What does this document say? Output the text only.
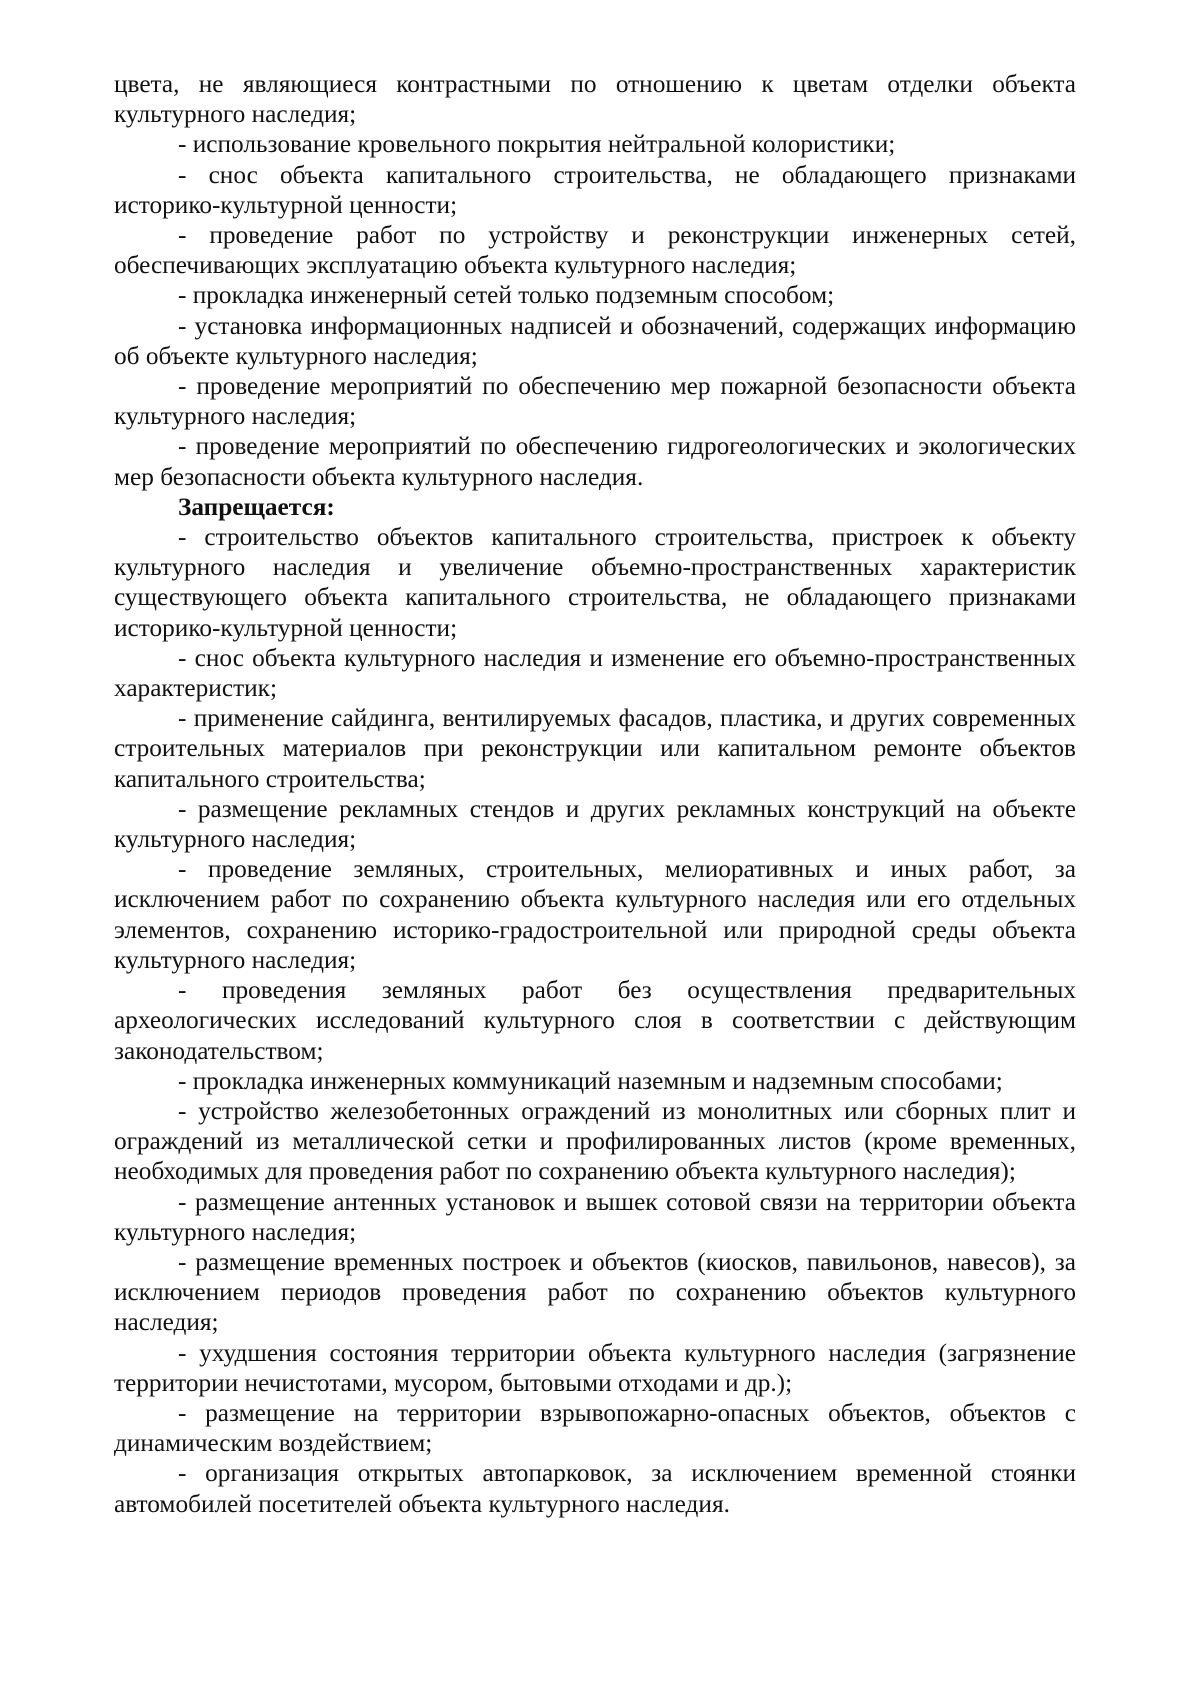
цвета, не являющиеся контрастными по отношению к цветам отделки объекта культурного наследия;

- использование кровельного покрытия нейтральной колористики;

- снос объекта капитального строительства, не обладающего признаками историко-культурной ценности;

- проведение работ по устройству и реконструкции инженерных сетей, обеспечивающих эксплуатацию объекта культурного наследия;

- прокладка инженерный сетей только подземным способом;

- установка информационных надписей и обозначений, содержащих информацию об объекте культурного наследия;

- проведение мероприятий по обеспечению мер пожарной безопасности объекта культурного наследия;

- проведение мероприятий по обеспечению гидрогеологических и экологических мер безопасности объекта культурного наследия.

Запрещается:

- строительство объектов капитального строительства, пристроек к объекту культурного наследия и увеличение объемно-пространственных характеристик существующего объекта капитального строительства, не обладающего признаками историко-культурной ценности;

- снос объекта культурного наследия и изменение его объемно-пространственных характеристик;

- применение сайдинга, вентилируемых фасадов, пластика, и других современных строительных материалов при реконструкции или капитальном ремонте объектов капитального строительства;

- размещение рекламных стендов и других рекламных конструкций на объекте культурного наследия;

- проведение земляных, строительных, мелиоративных и иных работ, за исключением работ по сохранению объекта культурного наследия или его отдельных элементов, сохранению историко-градостроительной или природной среды объекта культурного наследия;

- проведения земляных работ без осуществления предварительных археологических исследований культурного слоя в соответствии с действующим законодательством;

- прокладка инженерных коммуникаций наземным и надземным способами;

- устройство железобетонных ограждений из монолитных или сборных плит и ограждений из металлической сетки и профилированных листов (кроме временных, необходимых для проведения работ по сохранению объекта культурного наследия);

- размещение антенных установок и вышек сотовой связи на территории объекта культурного наследия;

- размещение временных построек и объектов (киосков, павильонов, навесов), за исключением периодов проведения работ по сохранению объектов культурного наследия;

- ухудшения состояния территории объекта культурного наследия (загрязнение территории нечистотами, мусором, бытовыми отходами и др.);

- размещение на территории взрывопожарно-опасных объектов, объектов с динамическим воздействием;

- организация открытых автопарковок, за исключением временной стоянки автомобилей посетителей объекта культурного наследия.
